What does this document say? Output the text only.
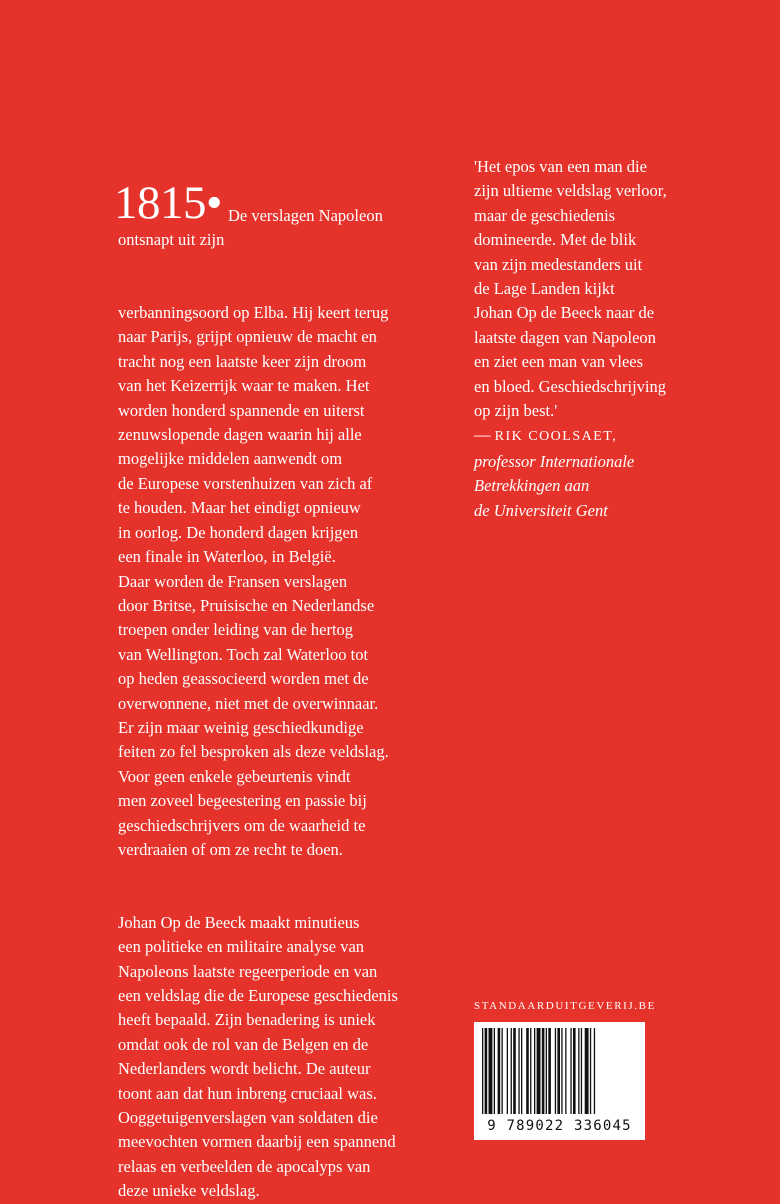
1815• De verslagen Napoleon
ontsnapt uit zijn

verbanningsoord op Elba. Hij keert terug
naar Parijs, grijpt opnieuw de macht en
tracht nog een laatste keer zijn droom
van het Keizerrijk waar te maken. Het
worden honderd spannende en uiterst
zenuwslopende dagen waarin hij alle
mogelijke middelen aanwendt om
de Europese vorstenhuizen van zich af
te houden. Maar het eindigt opnieuw
in oorlog. De honderd dagen krijgen
een finale in Waterloo, in België.
Daar worden de Fransen verslagen
door Britse, Pruisische en Nederlandse
troepen onder leiding van de hertog
van Wellington. Toch zal Waterloo tot
op heden geassocieerd worden met de
overwonnene, niet met de overwinnaar.
Er zijn maar weinig geschiedkundige
feiten zo fel besproken als deze veldslag.
Voor geen enkele gebeurtenis vindt
men zoveel begeestering en passie bij
geschiedschrijvers om de waarheid te
verdraaien of om ze recht te doen.

Johan Op de Beeck maakt minutieus
een politieke en militaire analyse van
Napoleons laatste regeerperiode en van
een veldslag die de Europese geschiedenis
heeft bepaald. Zijn benadering is uniek
omdat ook de rol van de Belgen en de
Nederlanders wordt belicht. De auteur
toont aan dat hun inbreng cruciaal was.
Ooggetuigenverslagen van soldaten die
meevochten vormen daarbij een spannend
relaas en verbeelden de apocalyps van
deze unieke veldslag.

'Het epos van een man die
zijn ultieme veldslag verloor,
maar de geschiedenis
domineerde. Met de blik
van zijn medestanders uit
de Lage Landen kijkt
Johan Op de Beeck naar de
laatste dagen van Napoleon
en ziet een man van vlees
en bloed. Geschiedschrijving
op zijn best.'

— RIK COOLSAET,

professor Internationale
Betrekkingen aan
de Universiteit Gent

STANDAARDUITGEVERIJ.BE
9 789022 336045
